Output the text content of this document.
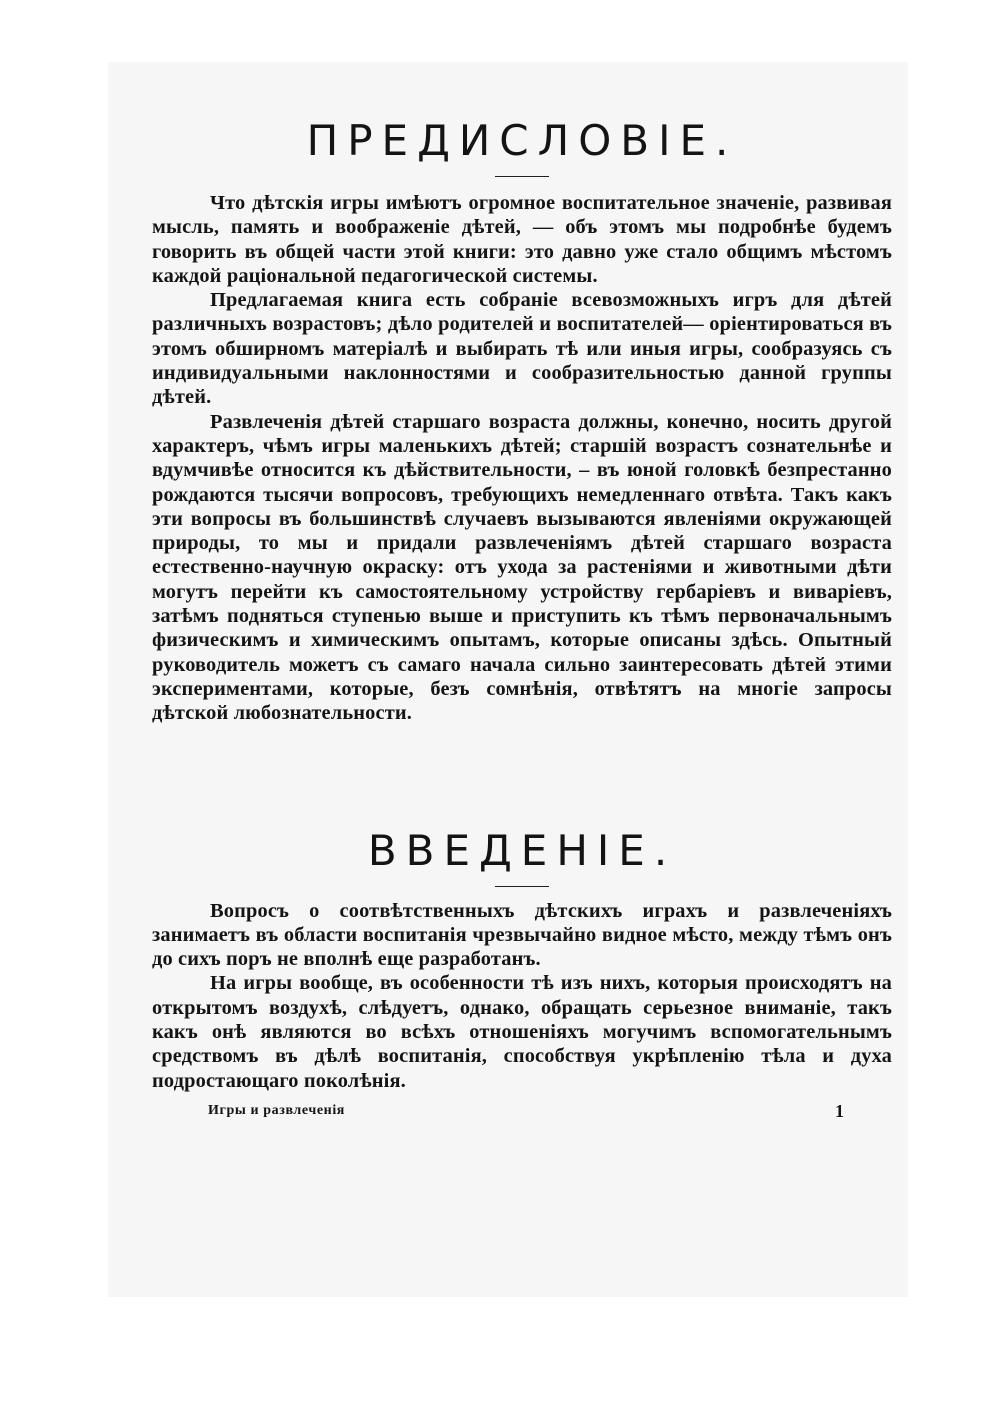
ПРЕДИСЛОВIЕ.

Что дѣтскія игры имѣютъ огромное воспитательное значеніе, развивая мысль, память и воображеніе дѣтей, — объ этомъ мы подробнѣе будемъ говорить въ общей части этой книги: это давно уже стало общимъ мѣстомъ каждой раціональной педагогической системы.

Предлагаемая книга есть собраніе всевозможныхъ игръ для дѣтей различныхъ возрастовъ; дѣло родителей и воспитателей— оріентироваться въ этомъ обширномъ матеріалѣ и выбирать тѣ или иныя игры, сообразуясь съ индивидуальными наклонностями и сообразительностью данной группы дѣтей.

Развлеченія дѣтей старшаго возраста должны, конечно, носить другой характеръ, чѣмъ игры маленькихъ дѣтей; старшій возрастъ сознательнѣе и вдумчивѣе относится къ дѣйствительности, – въ юной головкѣ безпрестанно рождаются тысячи вопросовъ, требующихъ немедленнаго отвѣта. Такъ какъ эти вопросы въ большинствѣ случаевъ вызываются явленіями окружающей природы, то мы и придали развлеченіямъ дѣтей старшаго возраста естественно-научную окраску: отъ ухода за растеніями и животными дѣти могутъ перейти къ самостоятельному устройству гербаріевъ и виваріевъ, затѣмъ подняться ступенью выше и приступить къ тѣмъ первоначальнымъ физическимъ и химическимъ опытамъ, которые описаны здѣсь. Опытный руководитель можетъ съ самаго начала сильно заинтересовать дѣтей этими экспериментами, которые, безъ сомнѣнія, отвѣтятъ на многіе запросы дѣтской любознательности.

ВВЕДЕНIЕ.

Вопросъ о соотвѣтственныхъ дѣтскихъ играхъ и развлеченіяхъ занимаетъ въ области воспитанія чрезвычайно видное мѣсто, между тѣмъ онъ до сихъ поръ не вполнѣ еще разработанъ.

На игры вообще, въ особенности тѣ изъ нихъ, которыя происходятъ на открытомъ воздухѣ, слѣдуетъ, однако, обращать серьезное вниманіе, такъ какъ онѣ являются во всѣхъ отношеніяхъ могучимъ вспомогательнымъ средствомъ въ дѣлѣ воспитанія, способствуя укрѣпленію тѣла и духа подростающаго поколѣнія.

Игры и развлеченія	1
